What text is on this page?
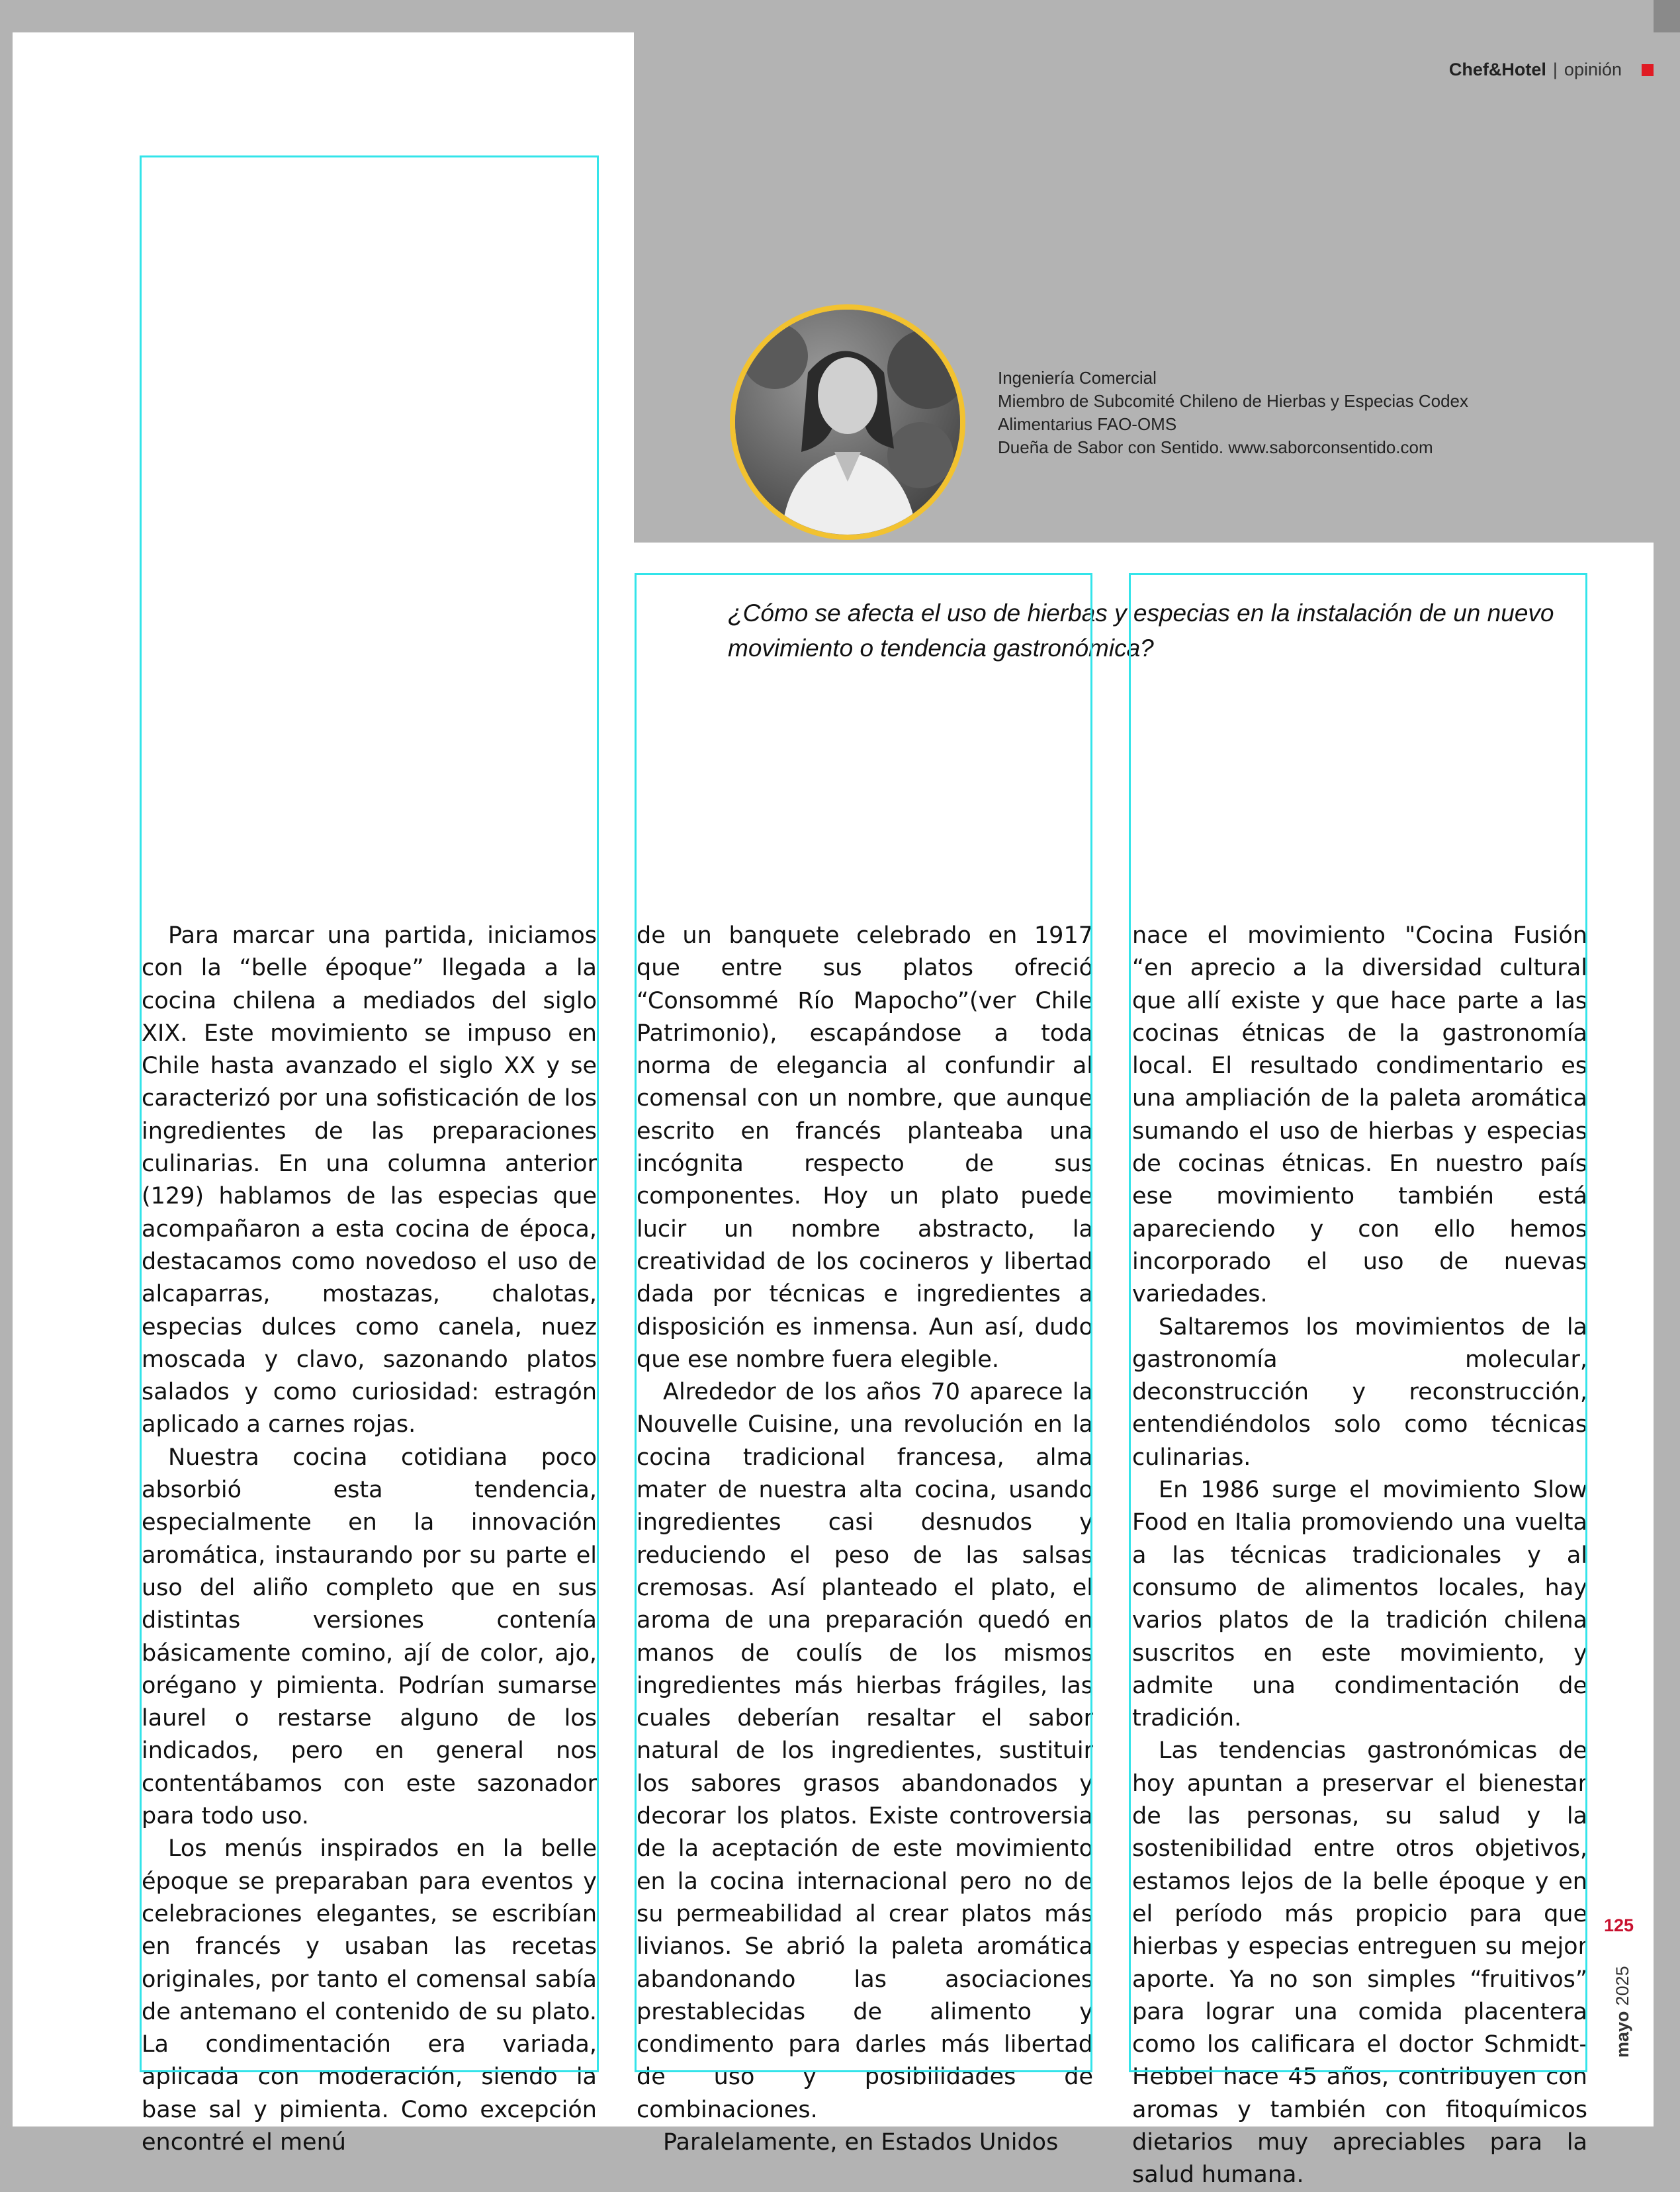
Chef&Hotel | opinión
Ingeniería Comercial
Miembro de Subcomité Chileno de Hierbas y Especias Codex
Alimentarius FAO-OMS
Dueña de Sabor con Sentido. www.saborconsentido.com
¿Cómo se afecta el uso de hierbas y especias en la instalación de un nuevo movimiento o tendencia gastronómica?

Para marcar una partida, iniciamos con la “belle époque” llegada a la cocina chilena a mediados del siglo XIX. Este movimiento se impuso en Chile hasta avanzado el siglo XX y se caracterizó por una sofisticación de los ingredientes de las preparaciones culinarias. En una columna anterior (129) hablamos de las especias que acompañaron a esta cocina de época, destacamos como novedoso el uso de alcaparras, mostazas, chalotas, especias dulces como canela, nuez moscada y clavo, sazonando platos salados y como curiosidad: estragón aplicado a carnes rojas.

Nuestra cocina cotidiana poco absorbió esta tendencia, especialmente en la innovación aromática, instaurando por su parte el uso del aliño completo que en sus distintas versiones contenía básicamente comino, ají de color, ajo, orégano y pimienta. Podrían sumarse laurel o restarse alguno de los indicados, pero en general nos contentábamos con este sazonador para todo uso.

Los menús inspirados en la belle époque se preparaban para eventos y celebraciones elegantes, se escribían en francés y usaban las recetas originales, por tanto el comensal sabía de antemano el contenido de su plato. La condimentación era variada, aplicada con moderación, siendo la base sal y pimienta. Como excepción encontré el menú

de un banquete celebrado en 1917 que entre sus platos ofreció “Consommé Río Mapocho”(ver Chile Patrimonio), escapándose a toda norma de elegancia al confundir al comensal con un nombre, que aunque escrito en francés planteaba una incógnita respecto de sus componentes. Hoy un plato puede lucir un nombre abstracto, la creatividad de los cocineros y libertad dada por técnicas e ingredientes a disposición es inmensa. Aun así, dudo que ese nombre fuera elegible.

Alrededor de los años 70 aparece la Nouvelle Cuisine, una revolución en la cocina tradicional francesa, alma mater de nuestra alta cocina, usando ingredientes casi desnudos y reduciendo el peso de las salsas cremosas. Así planteado el plato, el aroma de una preparación quedó en manos de coulís de los mismos ingredientes más hierbas frágiles, las cuales deberían resaltar el sabor natural de los ingredientes, sustituir los sabores grasos abandonados y decorar los platos. Existe controversia de la aceptación de este movimiento en la cocina internacional pero no de su permeabilidad al crear platos más livianos. Se abrió la paleta aromática abandonando las asociaciones prestablecidas de alimento y condimento para darles más libertad de uso y posibilidades de combinaciones.

Paralelamente, en Estados Unidos

nace el movimiento "Cocina Fusión “en aprecio a la diversidad cultural que allí existe y que hace parte a las cocinas étnicas de la gastronomía local. El resultado condimentario es una ampliación de la paleta aromática sumando el uso de hierbas y especias de cocinas étnicas. En nuestro país ese movimiento también está apareciendo y con ello hemos incorporado el uso de nuevas variedades.

Saltaremos los movimientos de la gastronomía molecular, deconstrucción y reconstrucción, entendiéndolos solo como técnicas culinarias.

En 1986 surge el movimiento Slow Food en Italia promoviendo una vuelta a las técnicas tradicionales y al consumo de alimentos locales, hay varios platos de la tradición chilena suscritos en este movimiento, y admite una condimentación de tradición.

Las tendencias gastronómicas de hoy apuntan a preservar el bienestar de las personas, su salud y la sostenibilidad entre otros objetivos, estamos lejos de la belle époque y en el período más propicio para que hierbas y especias entreguen su mejor aporte. Ya no son simples “fruitivos” para lograr una comida placentera como los calificara el doctor Schmidt-Hebbel hace 45 años, contribuyen con aromas y también con fitoquímicos dietarios muy apreciables para la salud humana.

125
mayo2025
